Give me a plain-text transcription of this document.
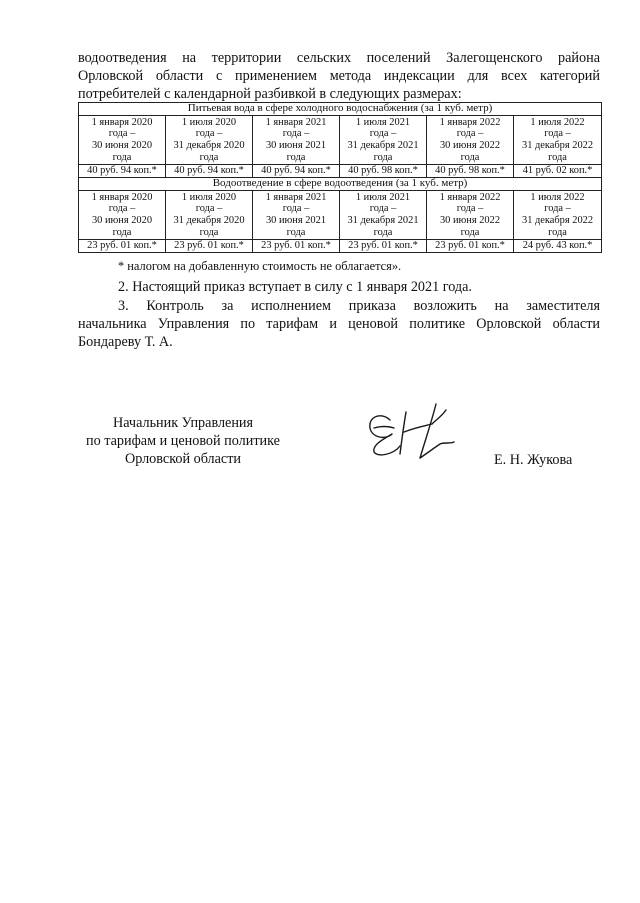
водоотведения на территории сельских поселений Залегощенского района
Орловской области с применением метода индексации для всех категорий
потребителей с календарной разбивкой в следующих размерах:

Питьевая вода в сфере холодного водоснабжения (за 1 куб. метр)					

1 января 2020
года –
30 июня 2020
года	1 июля 2020
года –
31 декабря 2020
года	1 января 2021
года –
30 июня 2021
года	1 июля 2021
года –
31 декабря 2021
года	1 января 2022
года –
30 июня 2022
года	1 июля 2022
года –
31 декабря 2022
года

40 руб. 94 коп.*	40 руб. 94 коп.*	40 руб. 94 коп.*	40 руб. 98 коп.*	40 руб. 98 коп.*	41 руб. 02 коп.*
Водоотведение в сфере водоотведения (за 1 куб. метр)					

1 января 2020
года –
30 июня 2020
года	1 июля 2020
года –
31 декабря 2020
года	1 января 2021
года –
30 июня 2021
года	1 июля 2021
года –
31 декабря 2021
года	1 января 2022
года –
30 июня 2022
года	1 июля 2022
года –
31 декабря 2022
года

23 руб. 01 коп.*	23 руб. 01 коп.*	23 руб. 01 коп.*	23 руб. 01 коп.*	23 руб. 01 коп.*	24 руб. 43 коп.*

* налогом на добавленную стоимость не облагается».

2. Настоящий приказ вступает в силу с 1 января 2021 года.

3. Контроль за исполнением приказа возложить на заместителя
начальника Управления по тарифам и ценовой политике Орловской области
Бондареву Т. А.

Начальник Управления
по тарифам и ценовой политике
Орловской области	Е. Н. Жукова
